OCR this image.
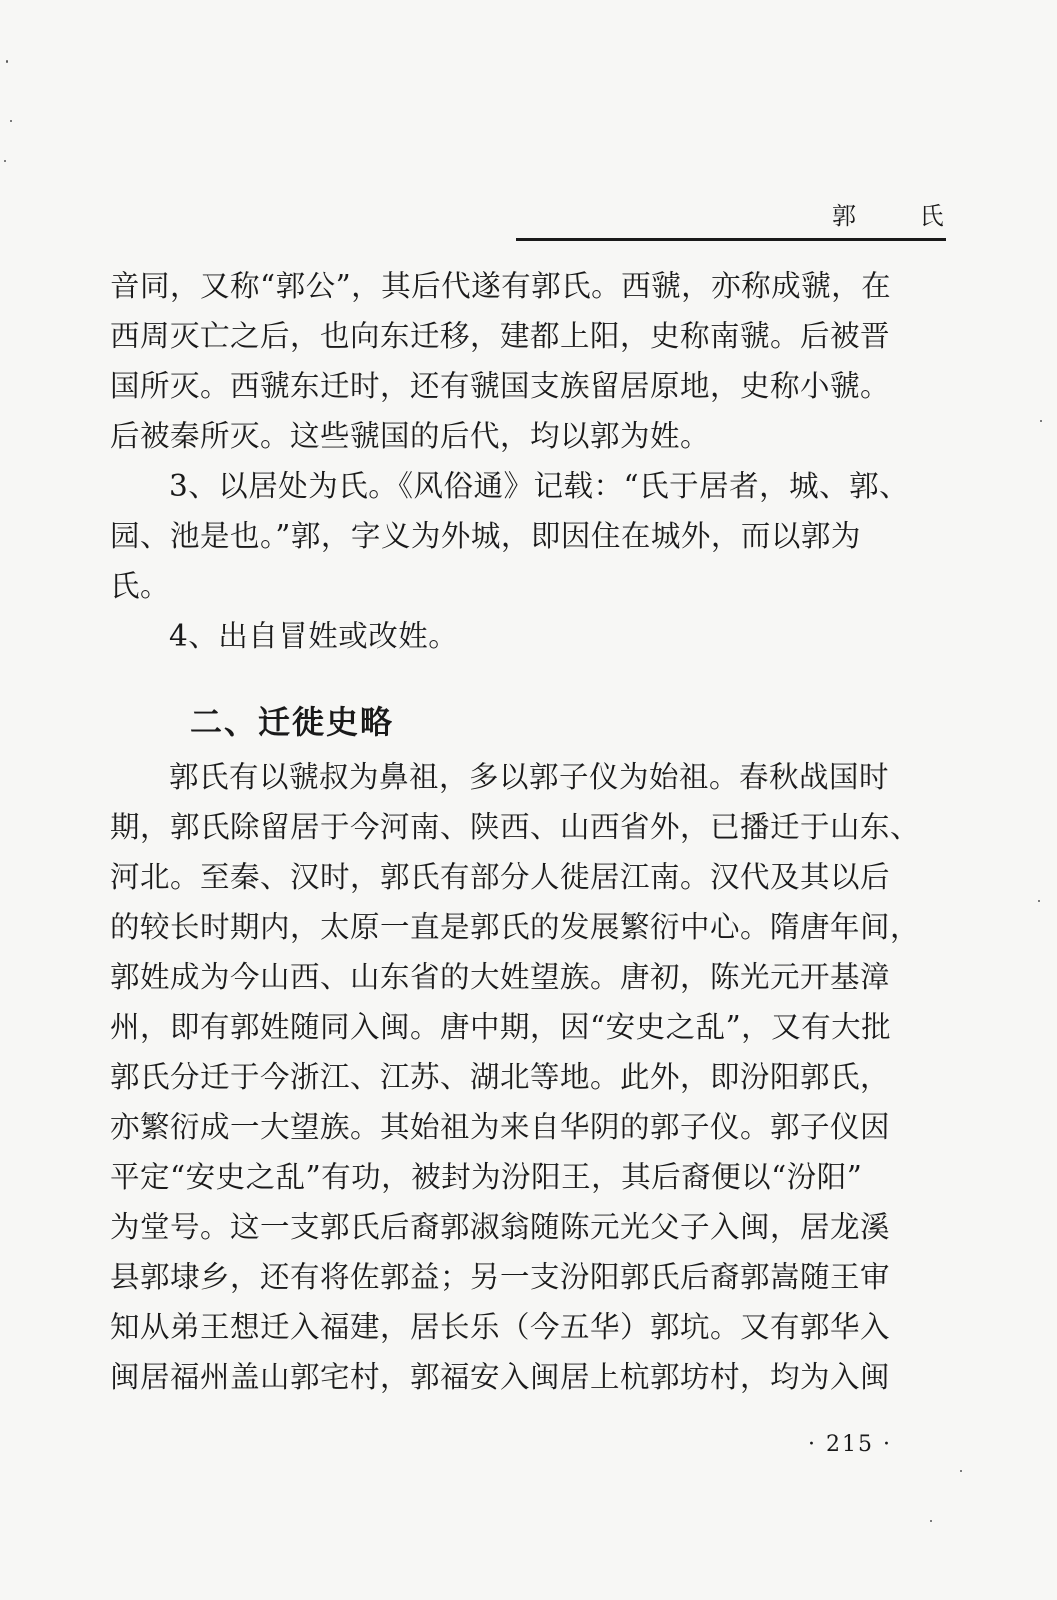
郭 氏
音同，又称“郭公”，其后代遂有郭氏。西虢，亦称成虢，在
西周灭亡之后，也向东迁移，建都上阳，史称南虢。后被晋
国所灭。西虢东迁时，还有虢国支族留居原地，史称小虢。
后被秦所灭。这些虢国的后代，均以郭为姓。
3、以居处为氏。《风俗通》记载：“氏于居者，城、郭、
园、池是也。”郭，字义为外城，即因住在城外，而以郭为
氏。
4、出自冒姓或改姓。
二、迁徙史略
郭氏有以虢叔为鼻祖，多以郭子仪为始祖。春秋战国时
期，郭氏除留居于今河南、陕西、山西省外，已播迁于山东、
河北。至秦、汉时，郭氏有部分人徙居江南。汉代及其以后
的较长时期内，太原一直是郭氏的发展繁衍中心。隋唐年间，
郭姓成为今山西、山东省的大姓望族。唐初，陈光元开基漳
州，即有郭姓随同入闽。唐中期，因“安史之乱”，又有大批
郭氏分迁于今浙江、江苏、湖北等地。此外，即汾阳郭氏，
亦繁衍成一大望族。其始祖为来自华阴的郭子仪。郭子仪因
平定“安史之乱”有功，被封为汾阳王，其后裔便以“汾阳”
为堂号。这一支郭氏后裔郭淑翁随陈元光父子入闽，居龙溪
县郭埭乡，还有将佐郭益；另一支汾阳郭氏后裔郭嵩随王审
知从弟王想迁入福建，居长乐（今五华）郭坑。又有郭华入
闽居福州盖山郭宅村，郭福安入闽居上杭郭坊村，均为入闽
· 215 ·
